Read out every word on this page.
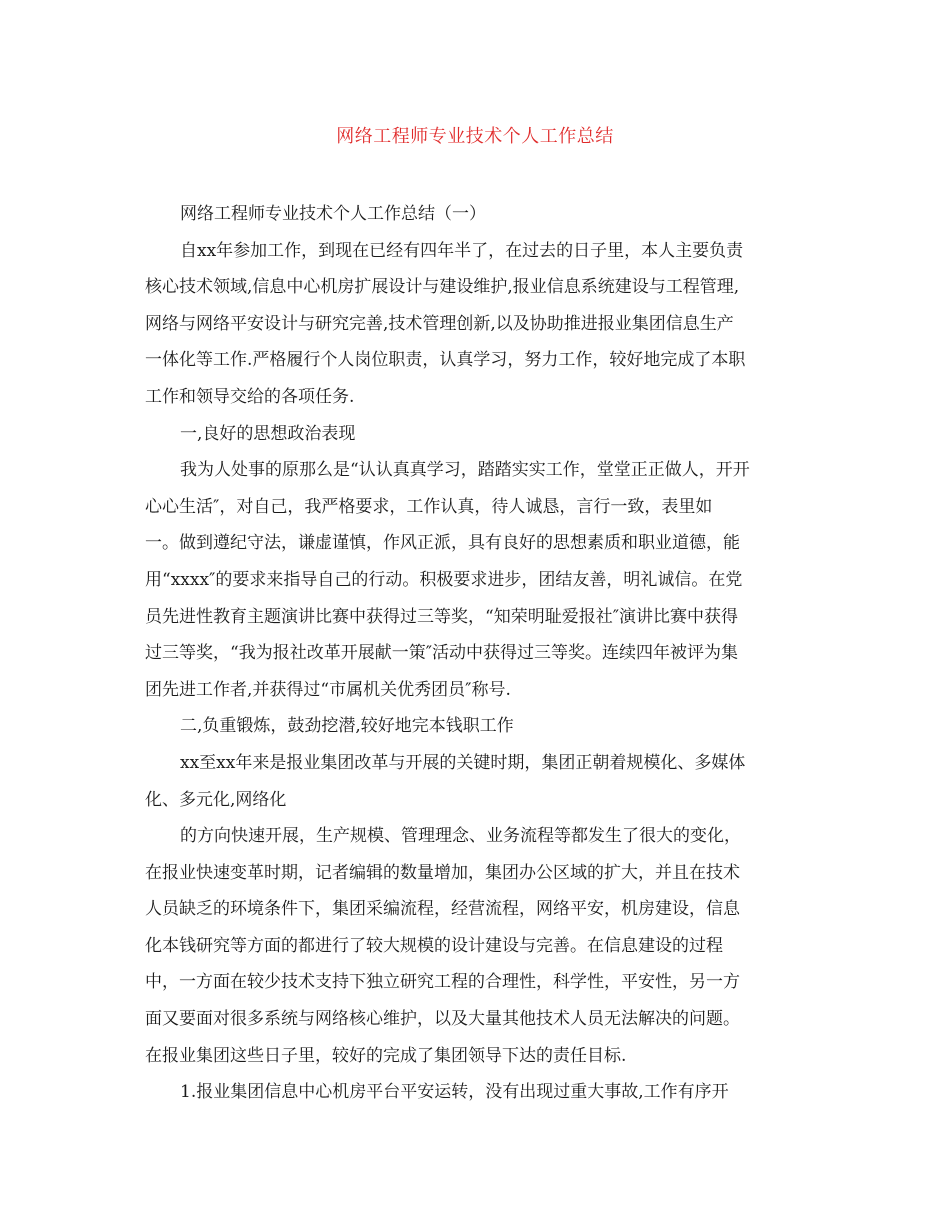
网络工程师专业技术个人工作总结
网络工程师专业技术个人工作总结（一）
自xx年参加工作，到现在已经有四年半了，在过去的日子里，本人主要负责
核心技术领域,信息中心机房扩展设计与建设维护,报业信息系统建设与工程管理,
网络与网络平安设计与研究完善,技术管理创新,以及协助推进报业集团信息生产
一体化等工作.严格履行个人岗位职责，认真学习，努力工作，较好地完成了本职
工作和领导交给的各项任务.
一,良好的思想政治表现
我为人处事的原那么是“认认真真学习，踏踏实实工作，堂堂正正做人，开开
心心生活″，对自己，我严格要求，工作认真，待人诚恳，言行一致，表里如
一。做到遵纪守法，谦虚谨慎，作风正派，具有良好的思想素质和职业道德，能
用“xxxx″的要求来指导自己的行动。积极要求进步，团结友善，明礼诚信。在党
员先进性教育主题演讲比赛中获得过三等奖，“知荣明耻爱报社″演讲比赛中获得
过三等奖，“我为报社改革开展献一策″活动中获得过三等奖。连续四年被评为集
团先进工作者,并获得过“市属机关优秀团员″称号.
二,负重锻炼，鼓劲挖潜,较好地完本钱职工作
xx至xx年来是报业集团改革与开展的关键时期，集团正朝着规模化、多媒体
化、多元化,网络化
的方向快速开展，生产规模、管理理念、业务流程等都发生了很大的变化，
在报业快速变革时期，记者编辑的数量增加，集团办公区域的扩大，并且在技术
人员缺乏的环境条件下，集团采编流程，经营流程，网络平安，机房建设，信息
化本钱研究等方面的都进行了较大规模的设计建设与完善。在信息建设的过程
中，一方面在较少技术支持下独立研究工程的合理性，科学性，平安性，另一方
面又要面对很多系统与网络核心维护，以及大量其他技术人员无法解决的问题。
在报业集团这些日子里，较好的完成了集团领导下达的责任目标.
1.报业集团信息中心机房平台平安运转，没有出现过重大事故,工作有序开
